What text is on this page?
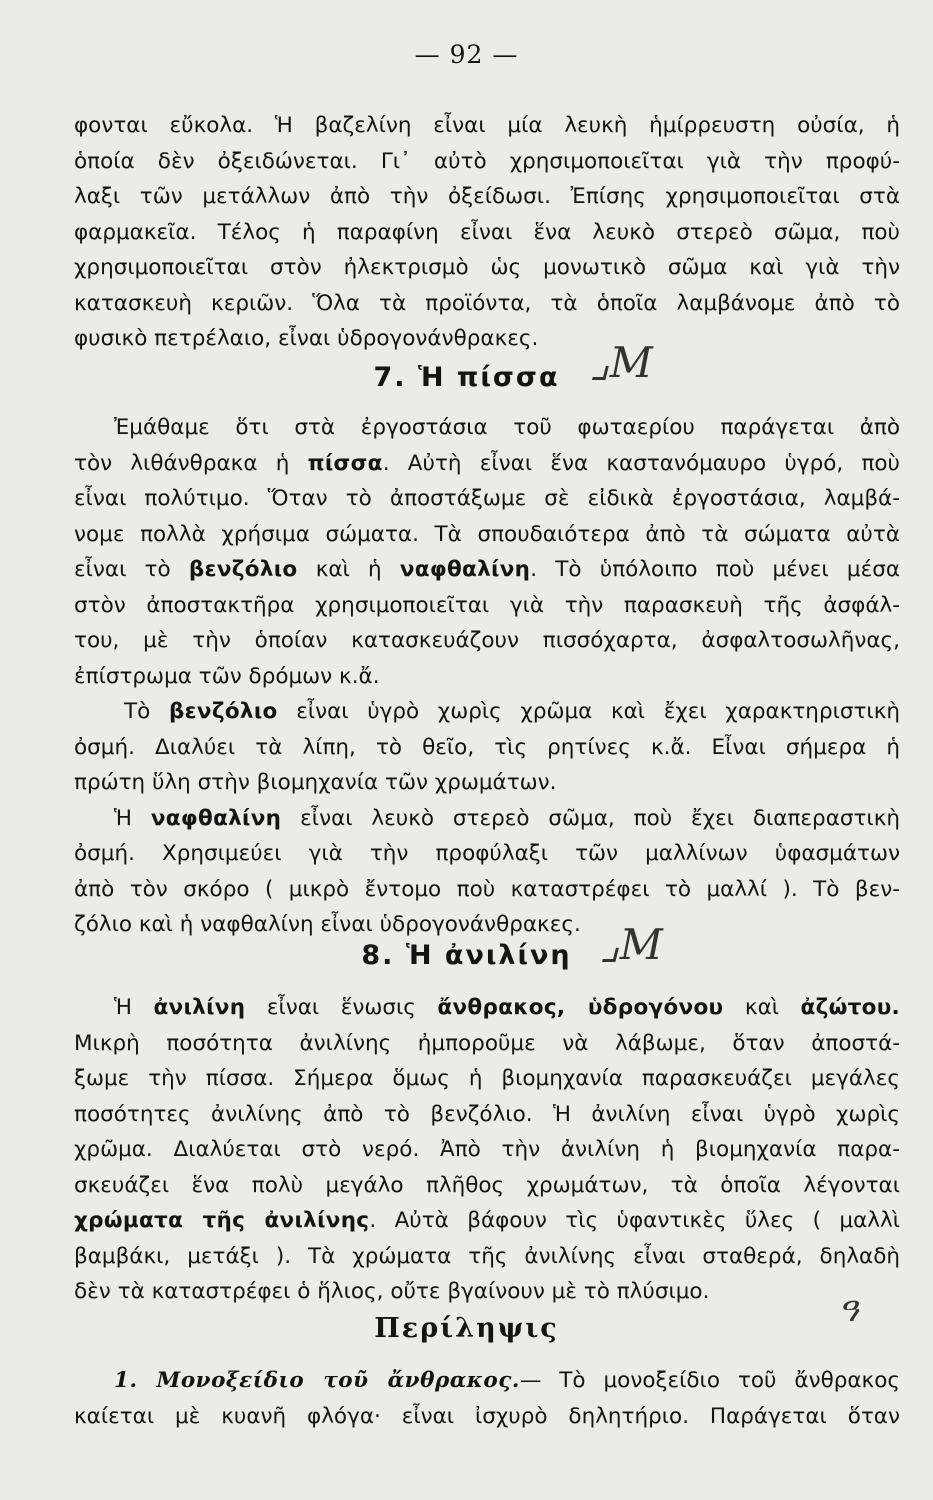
— 92 —
φονται εὔκολα. Ἡ βαζελίνη εἶναι μία λευκὴ ἡμίρρευστη οὐσία, ἡ
ὁποία δὲν ὀξειδώνεται. Γι᾽ αὐτὸ χρησιμοποιεῖται γιὰ τὴν προφύ-
λαξι τῶν μετάλλων ἀπὸ τὴν ὀξείδωσι. Ἐπίσης χρησιμοποιεῖται στὰ
φαρμακεῖα. Τέλος ἡ παραφίνη εἶναι ἕνα λευκὸ στερεὸ σῶμα, ποὺ
χρησιμοποιεῖται στὸν ἠλεκτρισμὸ ὡς μονωτικὸ σῶμα καὶ γιὰ τὴν
κατασκευὴ κεριῶν. Ὅλα τὰ προϊόντα, τὰ ὁποῖα λαμβάνομε ἀπὸ τὸ
φυσικὸ πετρέλαιο, εἶναι ὑδρογονάνθρακες.	⌟M
7. Ἡ πίσσα
Ἐμάθαμε ὅτι στὰ ἐργοστάσια τοῦ φωταερίου παράγεται ἀπὸ
τὸν λιθάνθρακα ἡ πίσσα. Αὐτὴ εἶναι ἕνα καστανόμαυρο ὑγρό, ποὺ
εἶναι πολύτιμο. Ὅταν τὸ ἀποστάξωμε σὲ εἰδικὰ ἐργοστάσια, λαμβά-
νομε πολλὰ χρήσιμα σώματα. Τὰ σπουδαιότερα ἀπὸ τὰ σώματα αὐτὰ
εἶναι τὸ βενζόλιο καὶ ἡ ναφθαλίνη. Τὸ ὑπόλοιπο ποὺ μένει μέσα
στὸν ἀποστακτῆρα χρησιμοποιεῖται γιὰ τὴν παρασκευὴ τῆς ἀσφάλ-
του, μὲ τὴν ὁποίαν κατασκευάζουν πισσόχαρτα, ἀσφαλτοσωλῆνας,
ἐπίστρωμα τῶν δρόμων κ.ἄ.
Τὸ βενζόλιο εἶναι ὑγρὸ χωρὶς χρῶμα καὶ ἔχει χαρακτηριστικὴ
ὀσμή. Διαλύει τὰ λίπη, τὸ θεῖο, τὶς ρητίνες κ.ἄ. Εἶναι σήμερα ἡ
πρώτη ὕλη στὴν βιομηχανία τῶν χρωμάτων.
Ἡ ναφθαλίνη εἶναι λευκὸ στερεὸ σῶμα, ποὺ ἔχει διαπεραστικὴ
ὀσμή. Χρησιμεύει γιὰ τὴν προφύλαξι τῶν μαλλίνων ὑφασμάτων
ἀπὸ τὸν σκόρο ( μικρὸ ἔντομο ποὺ καταστρέφει τὸ μαλλί ). Τὸ βεν-
ζόλιο καὶ ἡ ναφθαλίνη εἶναι ὑδρογονάνθρακες. ⌟M
8. Ἡ ἀνιλίνη
Ἡ ἀνιλίνη εἶναι ἕνωσις ἄνθρακος, ὑδρογόνου καὶ ἀζώτου.
Μικρὴ ποσότητα ἀνιλίνης ἠμποροῦμε νὰ λάβωμε, ὅταν ἀποστά-
ξωμε τὴν πίσσα. Σήμερα ὅμως ἡ βιομηχανία παρασκευάζει μεγάλες
ποσότητες ἀνιλίνης ἀπὸ τὸ βενζόλιο. Ἡ ἀνιλίνη εἶναι ὑγρὸ χωρὶς
χρῶμα. Διαλύεται στὸ νερό. Ἀπὸ τὴν ἀνιλίνη ἡ βιομηχανία παρα-
σκευάζει ἕνα πολὺ μεγάλο πλῆθος χρωμάτων, τὰ ὁποῖα λέγονται
χρώματα τῆς ἀνιλίνης. Αὐτὰ βάφουν τὶς ὑφαντικὲς ὕλες ( μαλλὶ
βαμβάκι, μετάξι ). Τὰ χρώματα τῆς ἀνιλίνης εἶναι σταθερά, δηλαδὴ
δὲν τὰ καταστρέφει ὁ ἥλιος, οὔτε βγαίνουν μὲ τὸ πλύσιμο.	ዓ
Περίληψις
1. Μονοξείδιο τοῦ ἄνθρακος.— Τὸ μονοξείδιο τοῦ ἄνθρακος
καίεται μὲ κυανῆ φλόγα· εἶναι ἰσχυρὸ δηλητήριο. Παράγεται ὅταν
